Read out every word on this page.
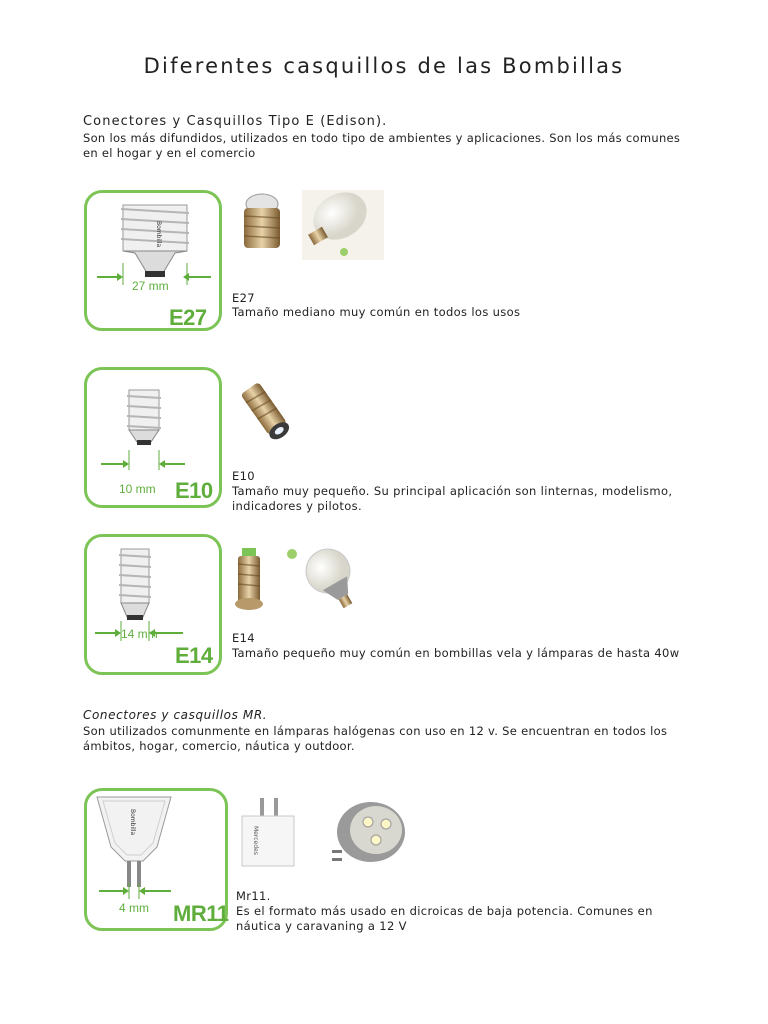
Diferentes casquillos de las Bombillas
Conectores y Casquillos Tipo E (Edison).
Son los más difundidos, utilizados en todo tipo de ambientes y aplicaciones. Son los más comunes
en el hogar y en el comercio
Bombilla
27 mm
E27
E27
Tamaño mediano muy común en todos los usos
10 mm E10
E10
Tamaño muy pequeño. Su principal aplicación son linternas, modelismo,
indicadores y pilotos.
14 mm
E14
E14
Tamaño pequeño muy común en bombillas vela y lámparas de hasta 40w
Conectores y casquillos MR.
Son utilizados comunmente en lámparas halógenas con uso en 12 v. Se encuentran en todos los
ámbitos, hogar, comercio, náutica y outdoor.
Bombilla
4 mm MR11
Mercedes
Mr11.
Es el formato más usado en dicroicas de baja potencia. Comunes en
náutica y caravaning a 12 V
